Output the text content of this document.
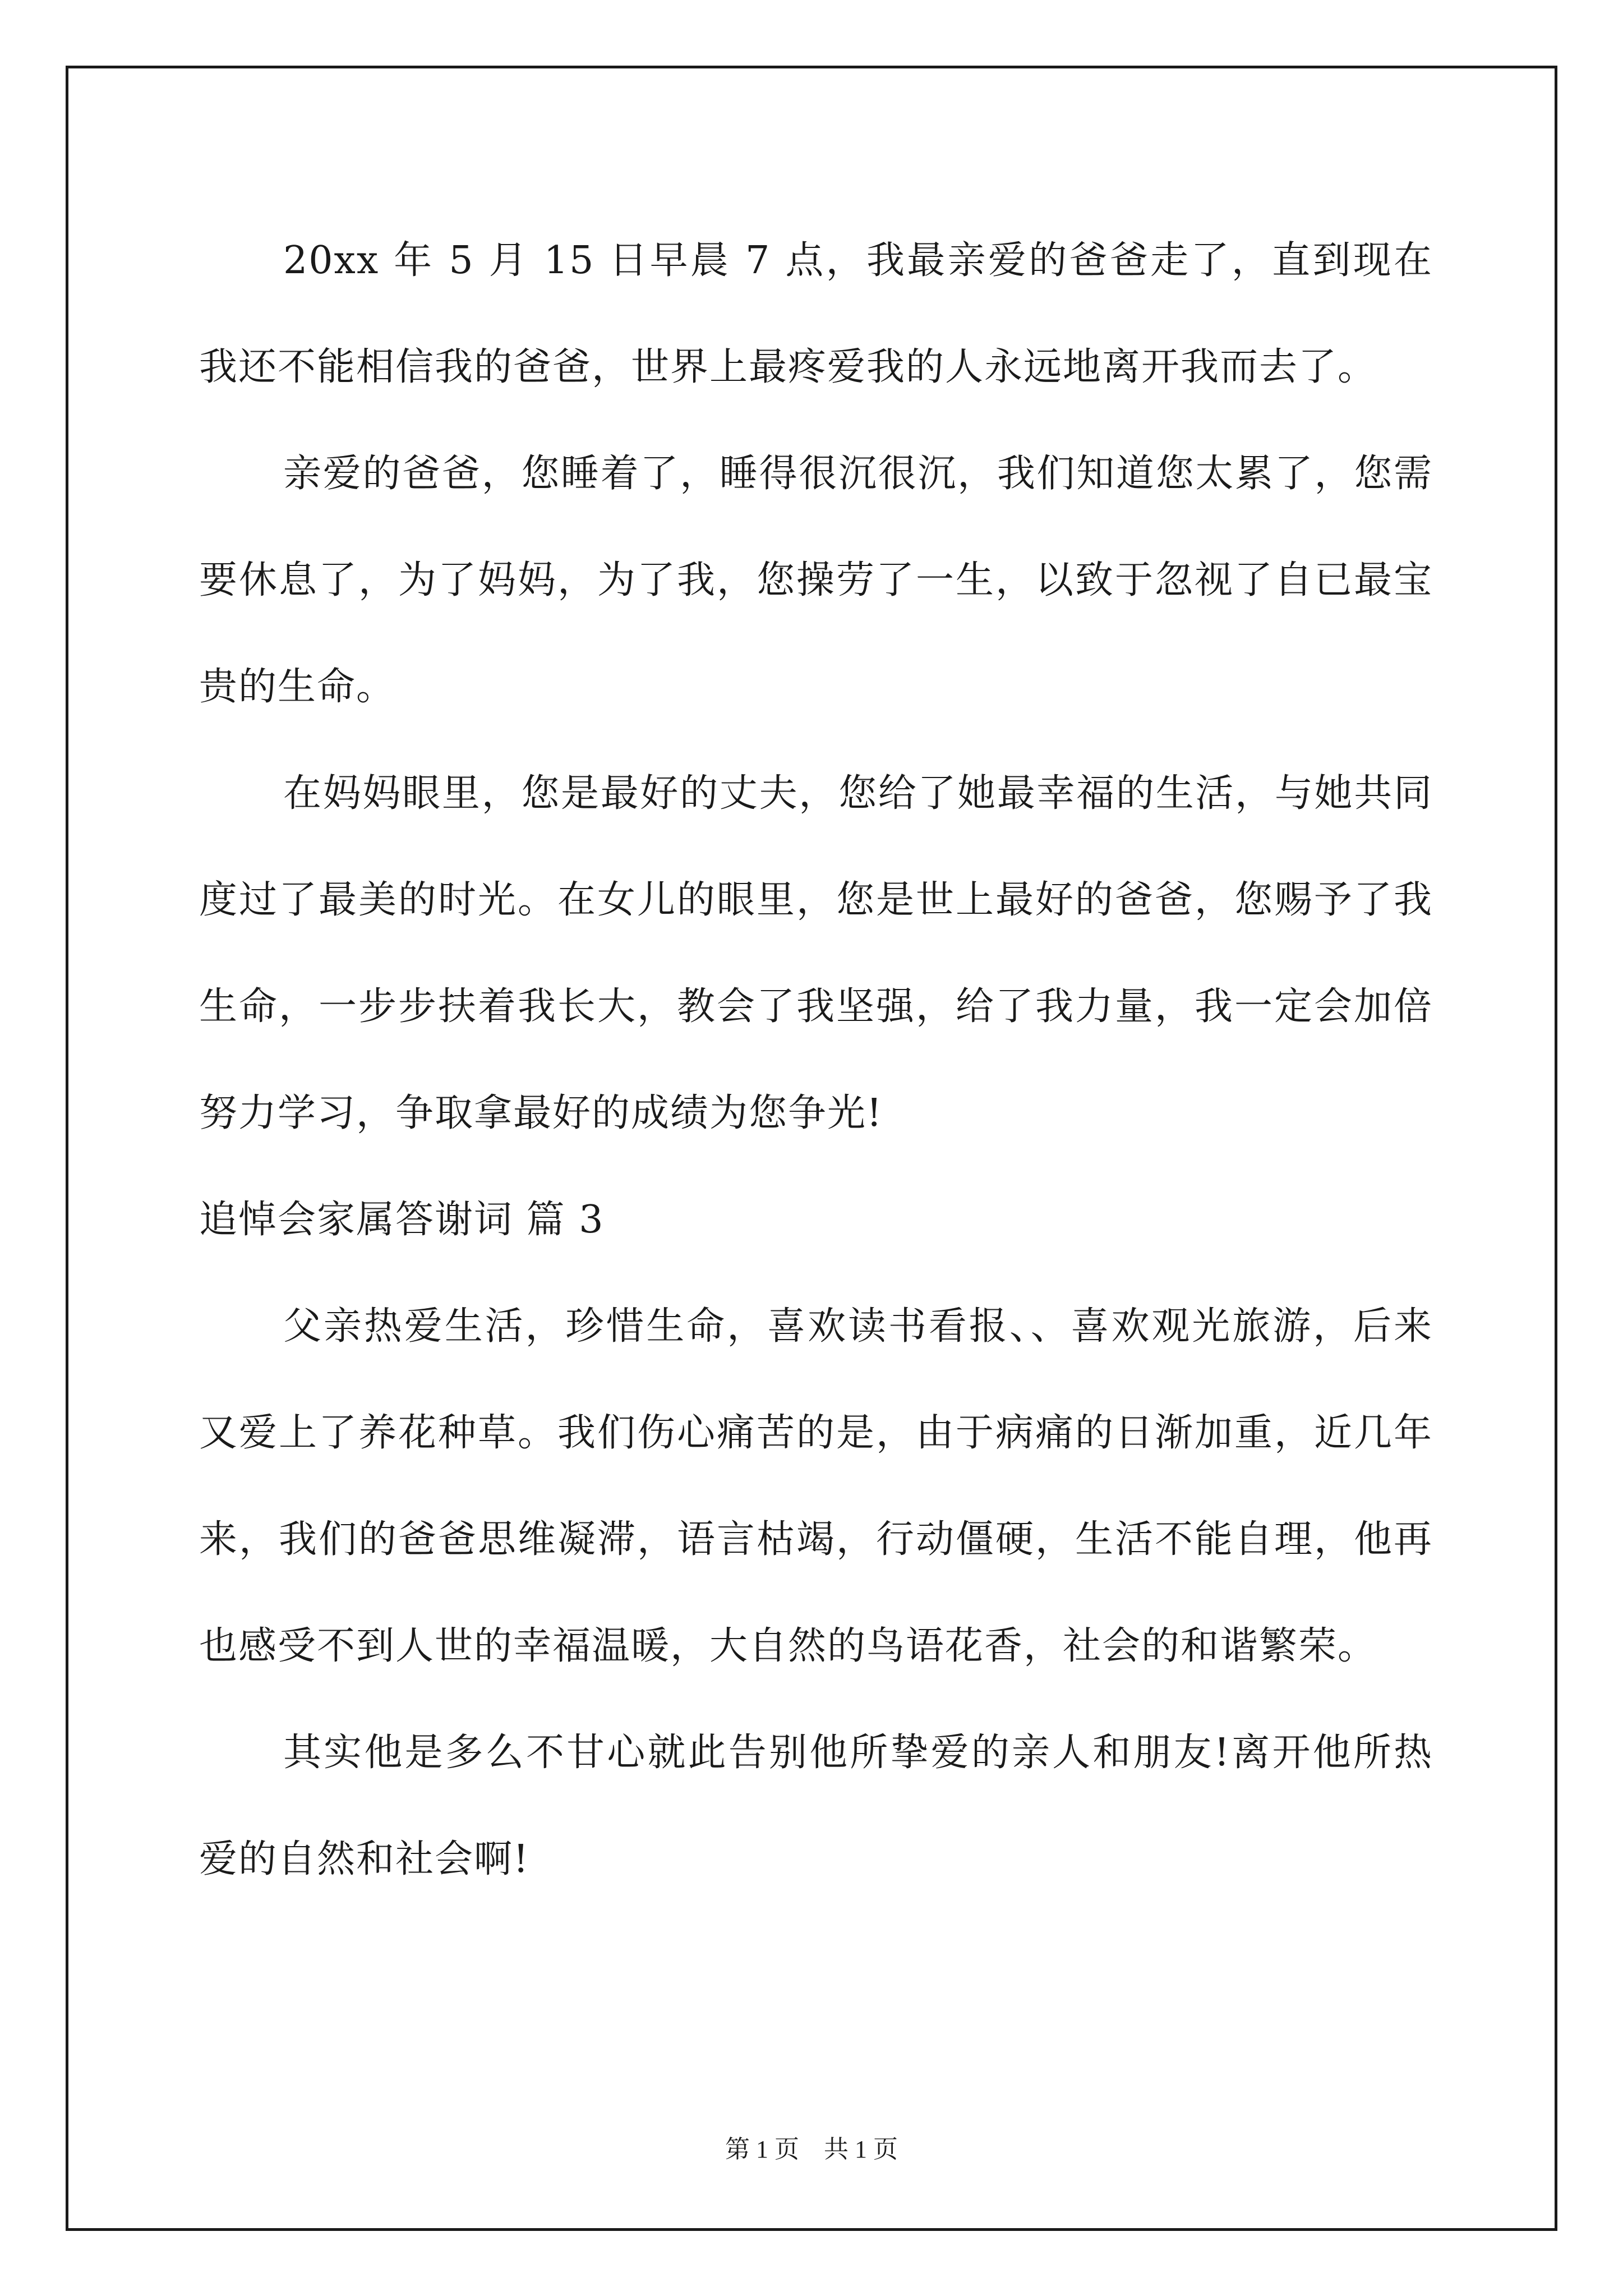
20xx 年 5 月 15 日早晨 7 点，我最亲爱的爸爸走了，直到现在我还不能相信我的爸爸，世界上最疼爱我的人永远地离开我而去了。

亲爱的爸爸，您睡着了，睡得很沉很沉，我们知道您太累了，您需要休息了，为了妈妈，为了我，您操劳了一生，以致于忽视了自已最宝贵的生命。

在妈妈眼里，您是最好的丈夫，您给了她最幸福的生活，与她共同度过了最美的时光。在女儿的眼里，您是世上最好的爸爸，您赐予了我生命，一步步扶着我长大，教会了我坚强，给了我力量，我一定会加倍努力学习，争取拿最好的成绩为您争光!

追悼会家属答谢词 篇 3

父亲热爱生活，珍惜生命，喜欢读书看报、、喜欢观光旅游，后来又爱上了养花种草。我们伤心痛苦的是，由于病痛的日渐加重，近几年来，我们的爸爸思维凝滞，语言枯竭，行动僵硬，生活不能自理，他再也感受不到人世的幸福温暖，大自然的鸟语花香，社会的和谐繁荣。

其实他是多么不甘心就此告别他所挚爱的亲人和朋友!离开他所热爱的自然和社会啊!

第 1 页　共 1 页
